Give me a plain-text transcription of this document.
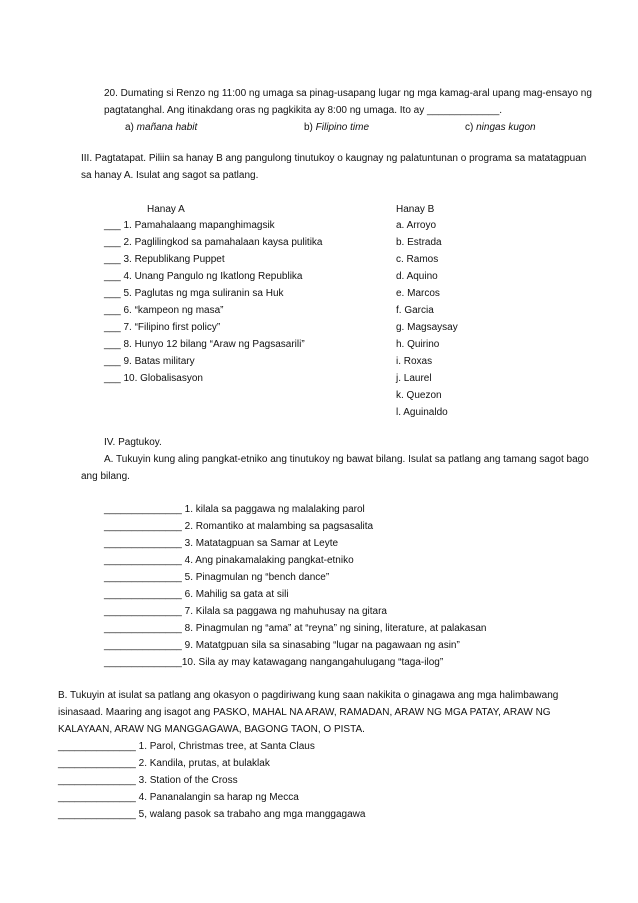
20. Dumating si Renzo ng 11:00 ng umaga sa pinag-usapang lugar ng mga kamag-aral upang mag-ensayo ng
pagtatanghal. Ang itinakdang oras ng pagkikita ay 8:00 ng umaga. Ito ay _____________.
a) mañana habit	b) Filipino time	c) ningas kugon
III. Pagtatapat. Piliin sa hanay B ang pangulong tinutukoy o kaugnay ng palatuntunan o programa sa matatagpuan
sa hanay A. Isulat ang sagot sa patlang.
Hanay A	Hanay B
___ 1. Pamahalaang mapanghimagsik
___ 2. Paglilingkod sa pamahalaan kaysa pulitika
___ 3. Republikang Puppet
___ 4. Unang Pangulo ng Ikatlong Republika
___ 5. Paglutas ng mga suliranin sa Huk
___ 6. “kampeon ng masa”
___ 7. “Filipino first policy”
___ 8. Hunyo 12 bilang “Araw ng Pagsasarili”
___ 9. Batas military
___ 10. Globalisasyon
a. Arroyo
b. Estrada
c. Ramos
d. Aquino
e. Marcos
f. Garcia
g. Magsaysay
h. Quirino
i. Roxas
j. Laurel
k. Quezon
l. Aguinaldo
IV. Pagtukoy.
A. Tukuyin kung aling pangkat-etniko ang tinutukoy ng bawat bilang. Isulat sa patlang ang tamang sagot bago
ang bilang.
______________ 1. kilala sa paggawa ng malalaking parol
______________ 2. Romantiko at malambing sa pagsasalita
______________ 3. Matatagpuan sa Samar at Leyte
______________ 4. Ang pinakamalaking pangkat-etniko
______________ 5. Pinagmulan ng “bench dance”
______________ 6. Mahilig sa gata at sili
______________ 7. Kilala sa paggawa ng mahuhusay na gitara
______________ 8. Pinagmulan ng “ama” at “reyna” ng sining, literature, at palakasan
______________ 9. Matatgpuan sila sa sinasabing “lugar na pagawaan ng asin”
______________10. Sila ay may katawagang nangangahulugang “taga-ilog”
B. Tukuyin at isulat sa patlang ang okasyon o pagdiriwang kung saan nakikita o ginagawa ang mga halimbawang
isinasaad. Maaring ang isagot ang PASKO, MAHAL NA ARAW, RAMADAN, ARAW NG MGA PATAY, ARAW NG
KALAYAAN, ARAW NG MANGGAGAWA, BAGONG TAON, O PISTA.
______________ 1. Parol, Christmas tree, at Santa Claus
______________ 2. Kandila, prutas, at bulaklak
______________ 3. Station of the Cross
______________ 4. Pananalangin sa harap ng Mecca
______________ 5, walang pasok sa trabaho ang mga manggagawa
